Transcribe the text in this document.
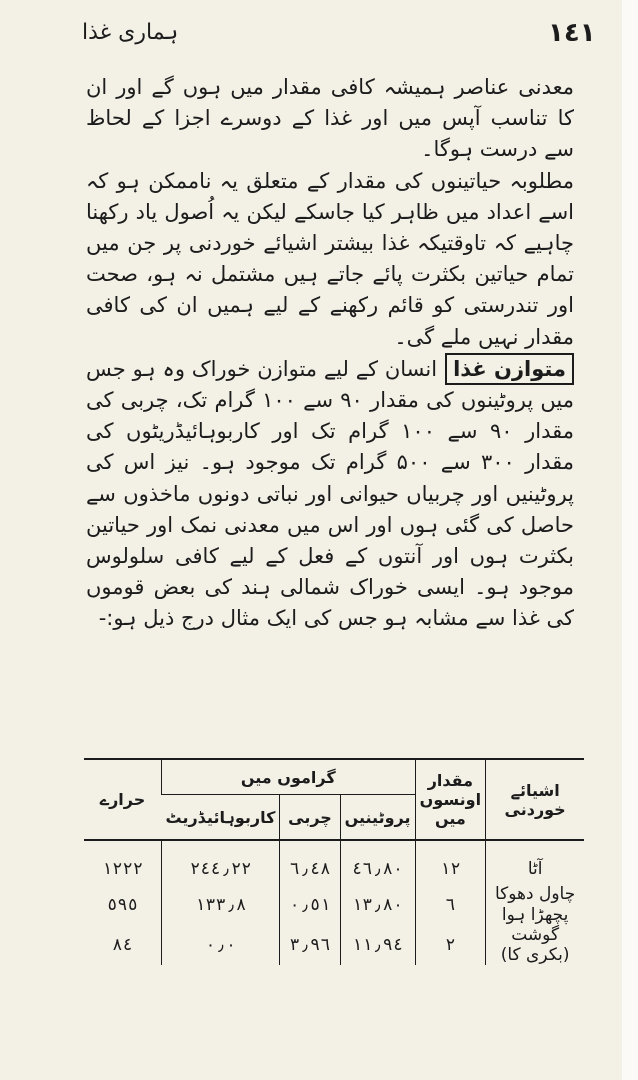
١٤١
ہماری غذا

معدنی عناصر ہمیشہ کافی مقدار میں ہوں گے اور ان کا تناسب آپس میں اور غذا کے دوسرے اجزا کے لحاظ سے درست ہوگا۔

مطلوبہ حیاتینوں کی مقدار کے متعلق یہ ناممکن ہو کہ اسے اعداد میں ظاہر کیا جاسکے لیکن یہ اُصول یاد رکھنا چاہیے کہ تاوقتیکہ غذا بیشتر اشیائے خوردنی پر جن میں تمام حیاتین بکثرت پائے جاتے ہیں مشتمل نہ ہو، صحت اور تندرستی کو قائم رکھنے کے لیے ہمیں ان کی کافی مقدار نہیں ملے گی۔

متوازن غذاانسان کے لیے متوازن خوراک وہ ہو جس میں پروٹینوں کی مقدار ۹۰ سے ۱۰۰ گرام تک، چربی کی مقدار ۹۰ سے ۱۰۰ گرام تک اور کاربوہائیڈریٹوں کی مقدار ۳۰۰ سے ۵۰۰ گرام تک موجود ہو۔ نیز اس کی پروٹینیں اور چربیاں حیوانی اور نباتی دونوں ماخذوں سے حاصل کی گئی ہوں اور اس میں معدنی نمک اور حیاتین بکثرت ہوں اور آنتوں کے فعل کے لیے کافی سلولوس موجود ہو۔ ایسی خوراک شمالی ہند کی بعض قوموں کی غذا سے مشابہ ہو جس کی ایک مثال درج ذیل ہو:-

اشیائے خوردنی	مقدار اونسوں میں	گراموں میں			حرارے
		پروٹینیں	چربی	کاربوہائیڈریٹ	
آٹا	١٢	٤٦٫٨٠	٦٫٤٨	٢٤٤٫٢٢	١٢٢٢
چاول دھوکا پچھڑا ہوا	٦	١٣٫٨٠	٠٫٥١	١٣٣٫٨	٥٩٥
گوشت (بکری کا)	٢	١١٫٩٤	٣٫٩٦	٠٫٠	٨٤
